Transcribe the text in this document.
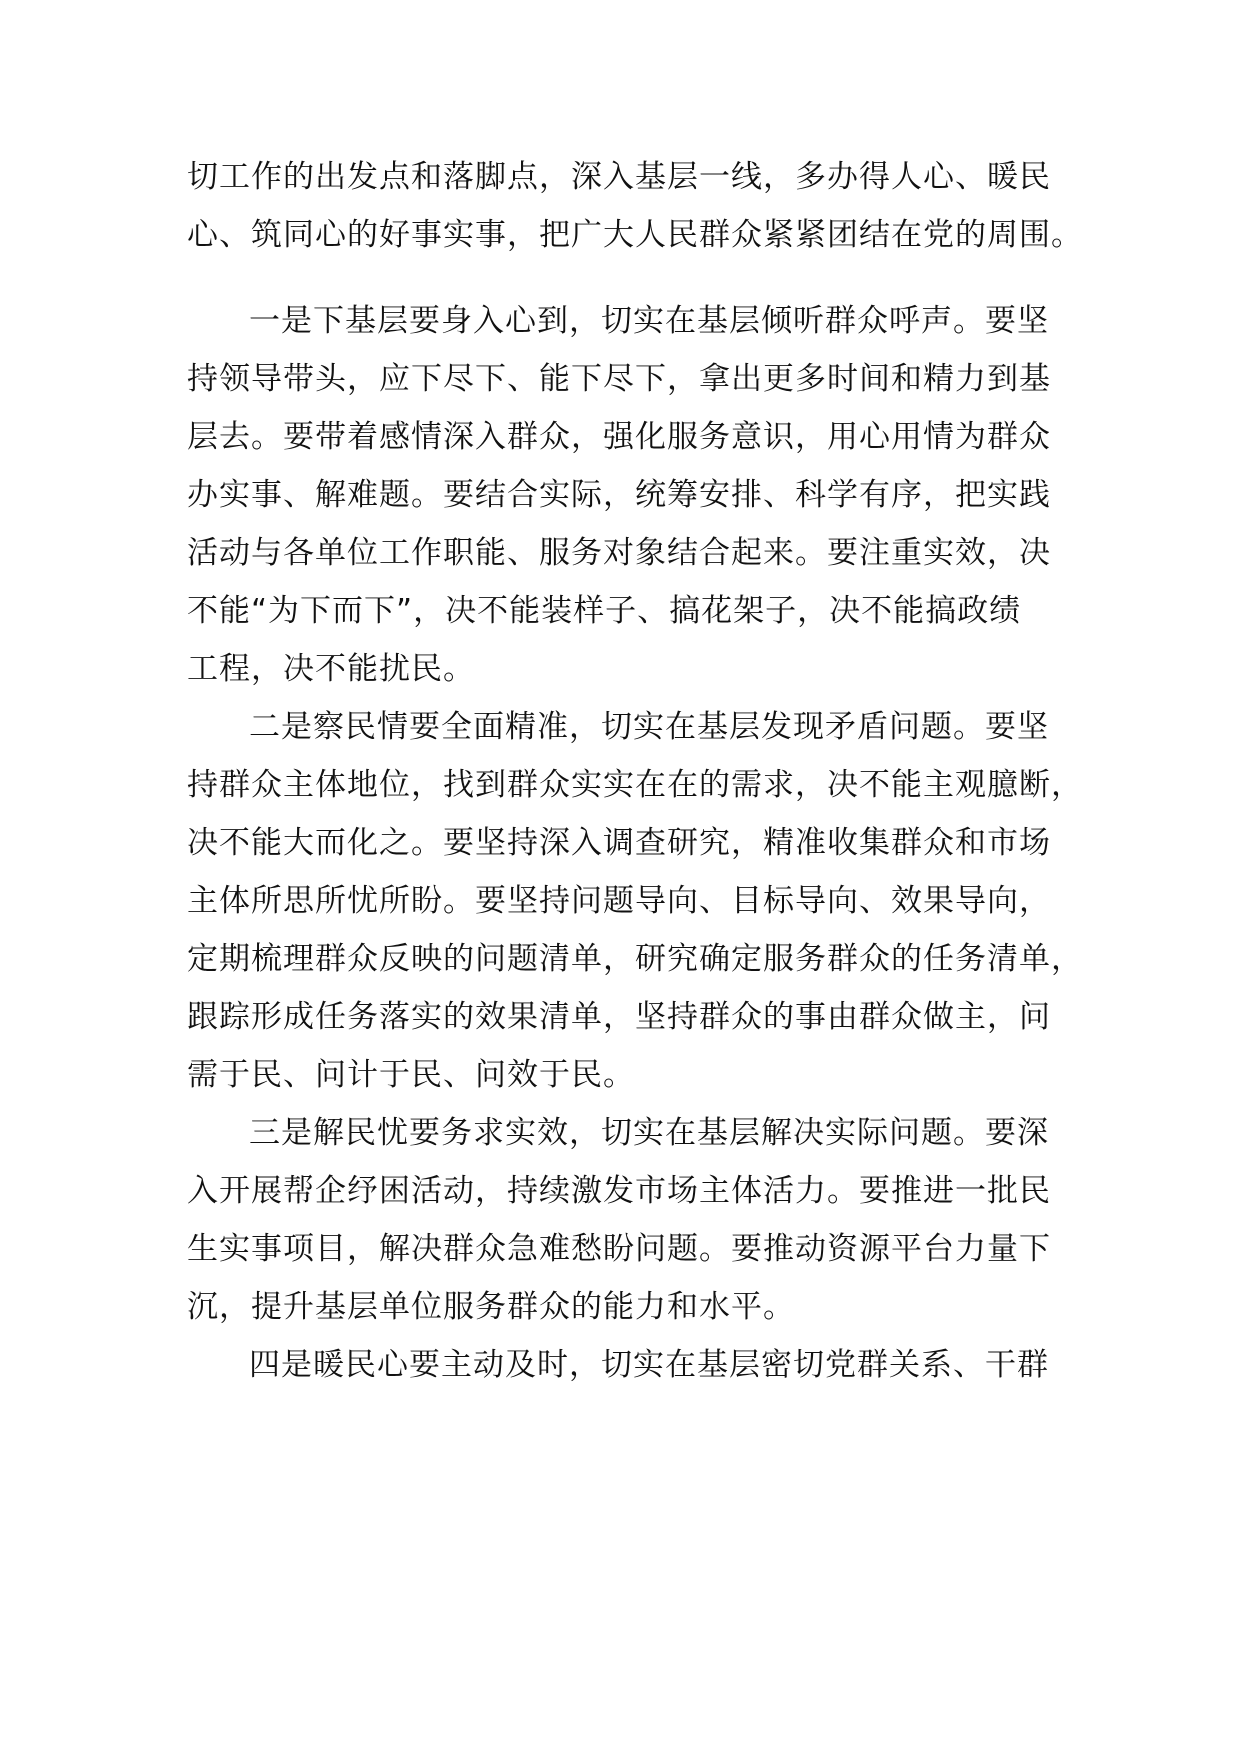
切工作的出发点和落脚点，深入基层一线，多办得人心、暖民

心、筑同心的好事实事，把广大人民群众紧紧团结在党的周围。

一是下基层要身入心到，切实在基层倾听群众呼声。要坚

持领导带头，应下尽下、能下尽下，拿出更多时间和精力到基

层去。要带着感情深入群众，强化服务意识，用心用情为群众

办实事、解难题。要结合实际，统筹安排、科学有序，把实践

活动与各单位工作职能、服务对象结合起来。要注重实效，决

不能“为下而下”，决不能装样子、搞花架子，决不能搞政绩

工程，决不能扰民。

二是察民情要全面精准，切实在基层发现矛盾问题。要坚

持群众主体地位，找到群众实实在在的需求，决不能主观臆断，

决不能大而化之。要坚持深入调查研究，精准收集群众和市场

主体所思所忧所盼。要坚持问题导向、目标导向、效果导向，

定期梳理群众反映的问题清单，研究确定服务群众的任务清单，

跟踪形成任务落实的效果清单，坚持群众的事由群众做主，问

需于民、问计于民、问效于民。

三是解民忧要务求实效，切实在基层解决实际问题。要深

入开展帮企纾困活动，持续激发市场主体活力。要推进一批民

生实事项目，解决群众急难愁盼问题。要推动资源平台力量下

沉，提升基层单位服务群众的能力和水平。

四是暖民心要主动及时，切实在基层密切党群关系、干群
